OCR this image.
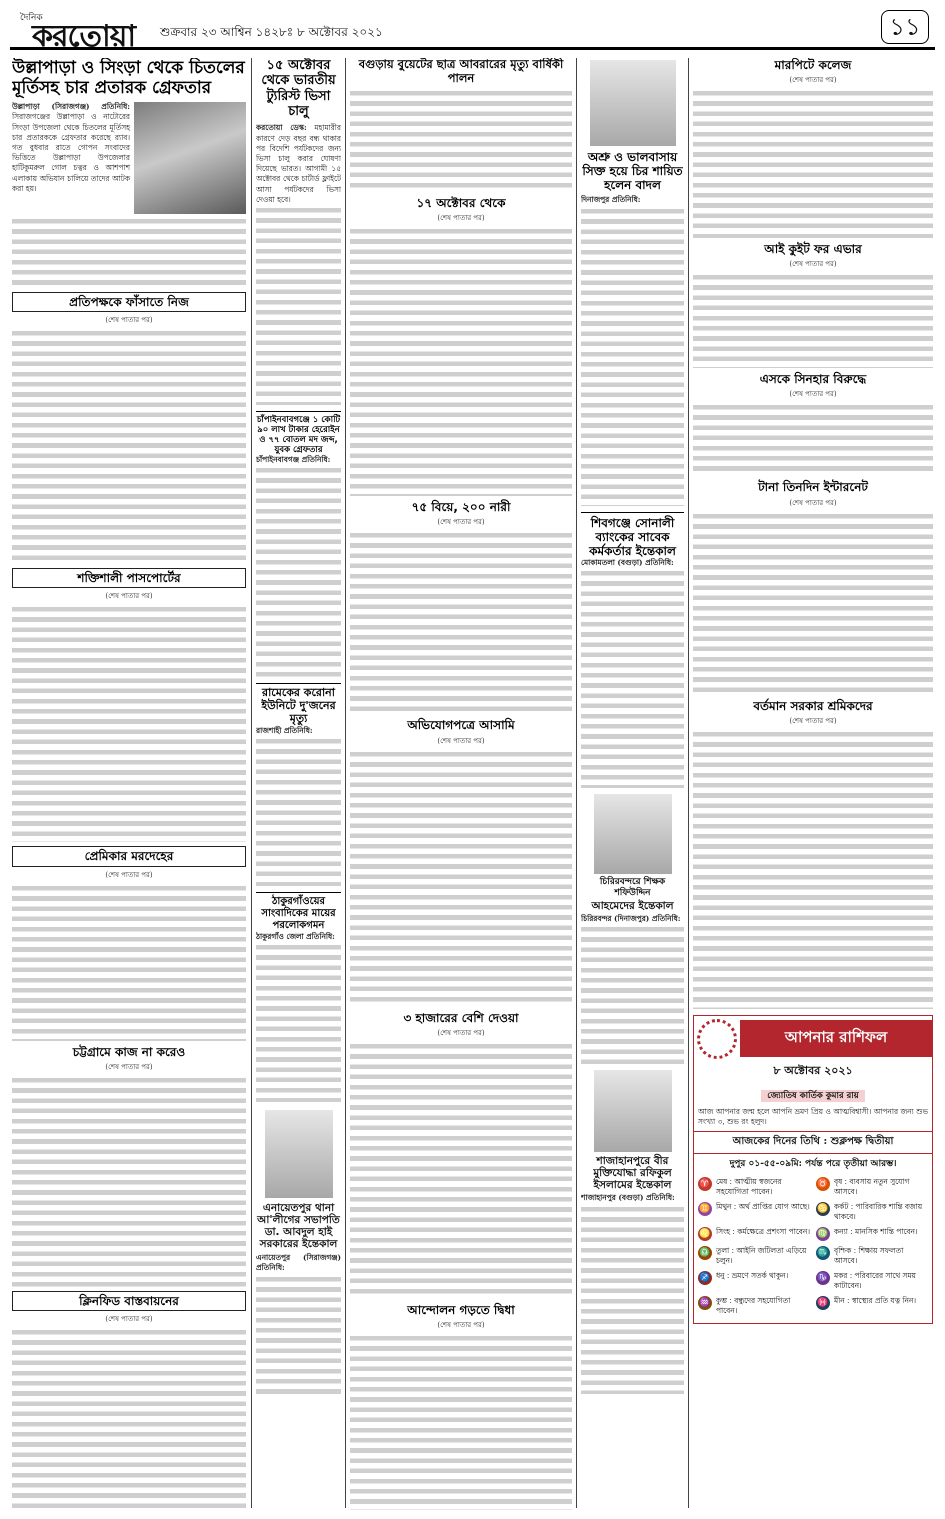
দৈনিক
করতোয়া শুক্রবার ২৩ আশ্বিন ১৪২৮ঃ ৮ অক্টোবর ২০২১	১১
উল্লাপাড়া ও সিংড়া থেকে চিতলের মূর্তিসহ চার প্রতারক গ্রেফতার
উল্লাপাড়া (সিরাজগঞ্জ) প্রতিনিধি: সিরাজগঞ্জের উল্লাপাড়া ও নাটোরের সিংড়া উপজেলা থেকে চিতলের মূর্তিসহ চার প্রতারককে গ্রেফতার করেছে র‍্যাব। গত বুধবার রাতে গোপন সংবাদের ভিত্তিতে উল্লাপাড়া উপজেলার হাটিকুমরুল গোল চত্বর ও আশপাশ এলাকায় অভিযান চালিয়ে তাদের আটক করা হয়।
প্রতিপক্ষকে ফাঁসাতে নিজ
(শেষ পাতার পর)
শক্তিশালী পাসপোর্টের
(শেষ পাতার পর)
প্রেমিকার মরদেহের
(শেষ পাতার পর)
চট্টগ্রামে কাজ না করেও
(শেষ পাতার পর)
ক্লিনফিড বাস্তবায়নের
(শেষ পাতার পর)
১৫ অক্টোবর থেকে ভারতীয় ট্যুরিস্ট ভিসা চালু
করতোয়া ডেস্ক: মহামারীর কারণে দেড় বছর বন্ধ থাকার পর বিদেশি পর্যটকদের জন্য ভিসা চালু করার ঘোষণা দিয়েছে ভারত। আগামী ১৫ অক্টোবর থেকে চার্টার্ড ফ্লাইটে আসা পর্যটকদের ভিসা দেওয়া হবে।
চাঁপাইনবাবগঞ্জে ১ কোটি ৯০ লাখ টাকার হেরোইন ও ৭৭ বোতল মদ জব্দ, যুবক গ্রেফতার
চাঁপাইনবাবগঞ্জ প্রতিনিধি:
রামেকের করোনা ইউনিটে দু'জনের মৃত্যু
রাজশাহী প্রতিনিধি:
ঠাকুরগাঁওয়ের সাংবাদিকের মায়ের পরলোকগমন
ঠাকুরগাঁও জেলা প্রতিনিধি:
এনায়েতপুর থানা আ'লীগের সভাপতি ডা. আবদুল হাই সরকারের ইন্তেকাল
এনায়েতপুর (সিরাজগঞ্জ) প্রতিনিধি:
বগুড়ায় বুয়েটের ছাত্র আবরারের মৃত্যু বার্ষিকী পালন
১৭ অক্টোবর থেকে
(শেষ পাতার পর)
৭৫ বিয়ে, ২০০ নারী
(শেষ পাতার পর)
অভিযোগপত্রে আসামি
(শেষ পাতার পর)
৩ হাজারের বেশি দেওয়া
(শেষ পাতার পর)
আন্দোলন গড়তে দ্বিধা
(শেষ পাতার পর)
অশ্রু ও ভালবাসায় সিক্ত হয়ে চির শায়িত হলেন বাদল
দিনাজপুর প্রতিনিধি:
শিবগঞ্জে সোনালী ব্যাংকের সাবেক কর্মকর্তার ইন্তেকাল
মোকামতলা (বগুড়া) প্রতিনিধি:
চিরিরবন্দরে শিক্ষক শফিউদ্দিন
আহমেদের ইন্তেকাল
চিরিরবন্দর (দিনাজপুর) প্রতিনিধি:
শাজাহানপুরে বীর মুক্তিযোদ্ধা রফিকুল ইসলামের ইন্তেকাল
শাজাহানপুর (বগুড়া) প্রতিনিধি:
মারপিটে কলেজ
(শেষ পাতার পর)
আই কুইট ফর এভার
(শেষ পাতার পর)
এসকে সিনহার বিরুদ্ধে
(শেষ পাতার পর)
টানা তিনদিন ইন্টারনেট
(শেষ পাতার পর)
বর্তমান সরকার শ্রমিকদের
(শেষ পাতার পর)
আপনার রাশিফল
৮ অক্টোবর ২০২১
জ্যোতিষ কার্তিক কুমার রায়
আজ আপনার জন্ম হলে আপনি ভ্রমণ প্রিয় ও আত্মবিশ্বাসী। আপনার জন্য শুভ সংখ্যা ৩, শুভ রং হলুদ।
আজকের দিনের তিথি : শুক্লপক্ষ দ্বিতীয়া
দুপুর ০১-৫৫-০৯মি: পর্যন্ত পরে তৃতীয়া আরম্ভ।
♈ মেষ : আত্মীয় স্বজনের সহযোগিতা পাবেন।
♉ বৃষ : ব্যবসায় নতুন সুযোগ আসবে।
♊ মিথুন : অর্থ প্রাপ্তির যোগ আছে। ♋ কর্কট : পারিবারিক শান্তি বজায় থাকবে।
♌ সিংহ : কর্মক্ষেত্রে প্রশংসা পাবেন। ♍ কন্যা : মানসিক শান্তি পাবেন।
♎ তুলা : আইনি জটিলতা এড়িয়ে চলুন।
♏ বৃশ্চিক : শিক্ষায় সফলতা আসবে।
♐ ধনু : ভ্রমণে সতর্ক থাকুন।	♑ মকর : পরিবারের সাথে সময় কাটাবেন।
♒ কুম্ভ : বন্ধুদের সহযোগিতা পাবেন।
♓ মীন : স্বাস্থ্যের প্রতি যত্ন নিন।
